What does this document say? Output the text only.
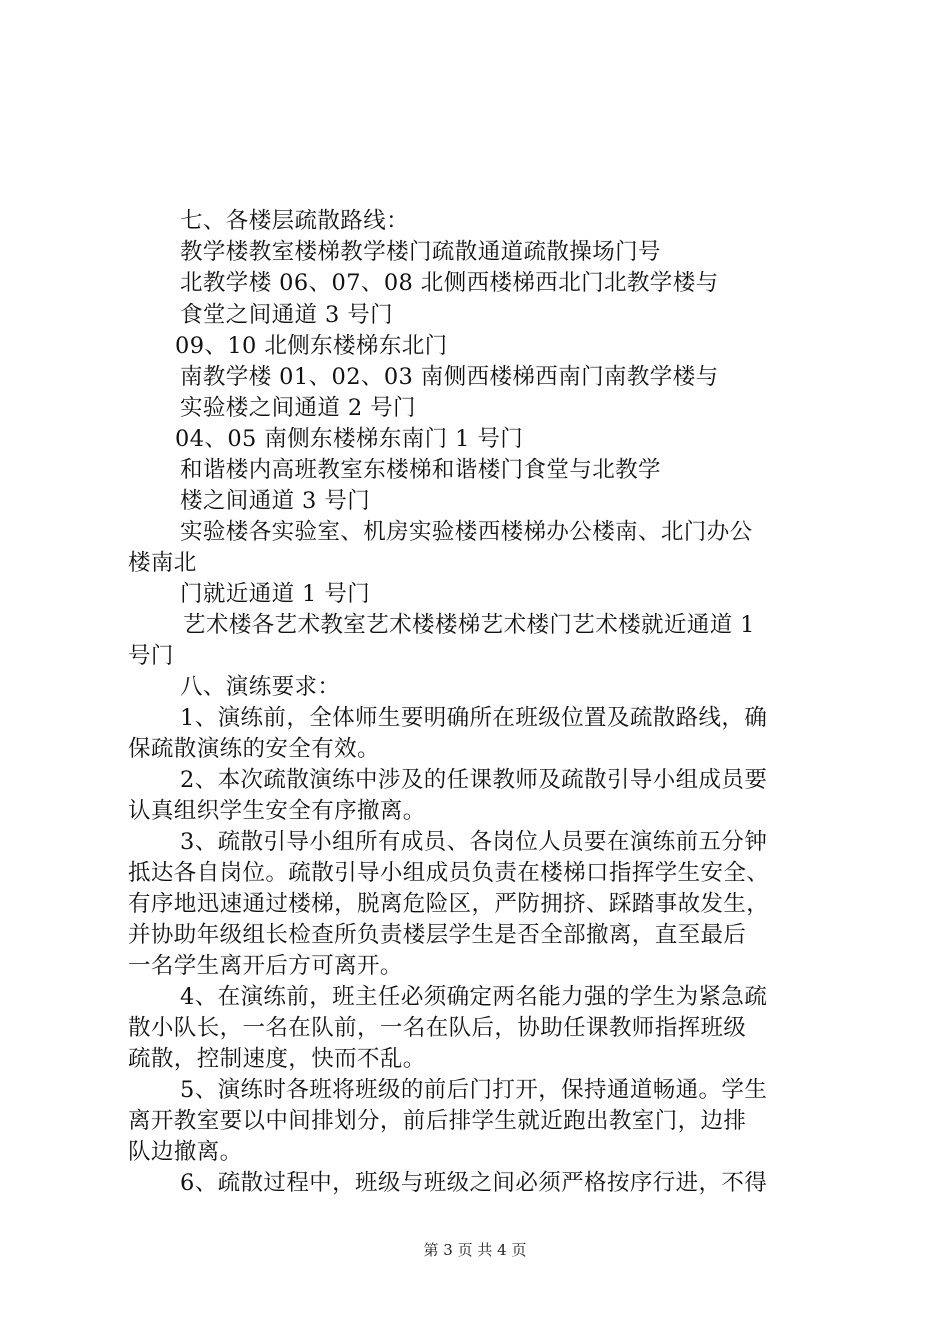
七、各楼层疏散路线：
教学楼教室楼梯教学楼门疏散通道疏散操场门号
北教学楼 06、07、08 北侧西楼梯西北门北教学楼与
食堂之间通道 3 号门
09、10 北侧东楼梯东北门
南教学楼 01、02、03 南侧西楼梯西南门南教学楼与
实验楼之间通道 2 号门
04、05 南侧东楼梯东南门 1 号门
和谐楼内高班教室东楼梯和谐楼门食堂与北教学
楼之间通道 3 号门
实验楼各实验室、机房实验楼西楼梯办公楼南、北门办公
楼南北
门就近通道 1 号门
艺术楼各艺术教室艺术楼楼梯艺术楼门艺术楼就近通道 1
号门
八、演练要求：
1、演练前，全体师生要明确所在班级位置及疏散路线，确
保疏散演练的安全有效。
2、本次疏散演练中涉及的任课教师及疏散引导小组成员要
认真组织学生安全有序撤离。
3、疏散引导小组所有成员、各岗位人员要在演练前五分钟
抵达各自岗位。疏散引导小组成员负责在楼梯口指挥学生安全、
有序地迅速通过楼梯，脱离危险区，严防拥挤、踩踏事故发生，
并协助年级组长检查所负责楼层学生是否全部撤离，直至最后
一名学生离开后方可离开。
4、在演练前，班主任必须确定两名能力强的学生为紧急疏
散小队长，一名在队前，一名在队后，协助任课教师指挥班级
疏散，控制速度，快而不乱。
5、演练时各班将班级的前后门打开，保持通道畅通。学生
离开教室要以中间排划分，前后排学生就近跑出教室门，边排
队边撤离。
6、疏散过程中，班级与班级之间必须严格按序行进，不得
第 3 页 共 4 页
